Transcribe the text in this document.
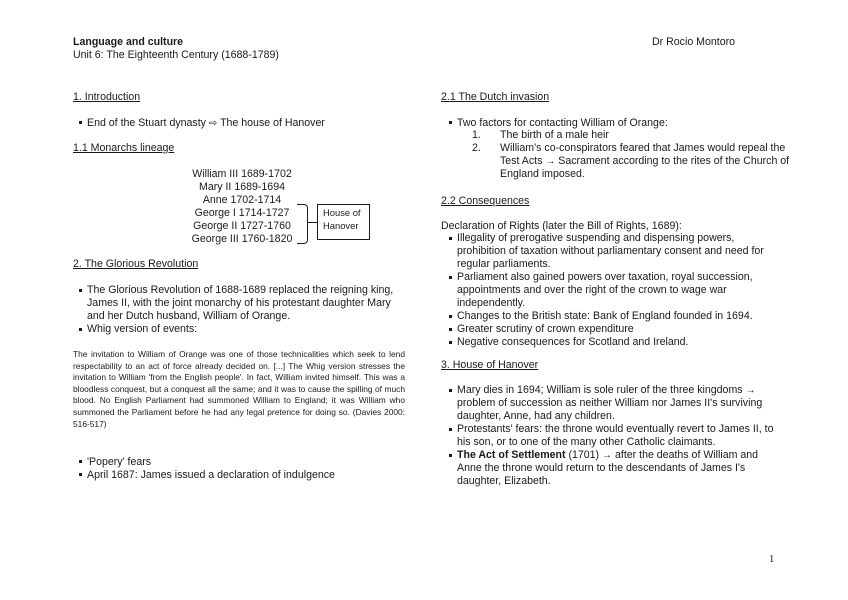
Language and culture
Unit 6: The Eighteenth Century (1688-1789)
Dr Rocio Montoro
1. Introduction
End of the Stuart dynasty ⇨ The house of Hanover
1.1 Monarchs lineage
William III 1689-1702
Mary II 1689-1694
Anne 1702-1714
George I 1714-1727
George II 1727-1760
George III 1760-1820
House of Hanover
2. The Glorious Revolution
The Glorious Revolution of 1688-1689 replaced the reigning king, James II, with the joint monarchy of his protestant daughter Mary and her Dutch husband, William of Orange.
Whig version of events:
The invitation to William of Orange was one of those technicalities which seek to lend respectability to an act of force already decided on. [...] The Whig version stresses the invitation to William 'from the English people'. In fact, William invited himself. This was a bloodless conquest, but a conquest all the same; and it was to cause the spilling of much blood. No English Parliament had summoned William to England; it was William who summoned the Parliament before he had any legal pretence for doing so. (Davies 2000: 516-517)
'Popery' fears
April 1687: James issued a declaration of indulgence
2.1 The Dutch invasion
Two factors for contacting William of Orange:
1.	The birth of a male heir
2.	William's co-conspirators feared that James would repeal the Test Acts → Sacrament according to the rites of the Church of England imposed.
2.2 Consequences
Declaration of Rights (later the Bill of Rights, 1689):
Illegality of prerogative suspending and dispensing powers, prohibition of taxation without parliamentary consent and need for regular parliaments.
Parliament also gained powers over taxation, royal succession, appointments and over the right of the crown to wage war independently.
Changes to the British state: Bank of England founded in 1694.
Greater scrutiny of crown expenditure
Negative consequences for Scotland and Ireland.
3. House of Hanover
Mary dies in 1694; William is sole ruler of the three kingdoms → problem of succession as neither William nor James II's surviving daughter, Anne, had any children.
Protestants' fears: the throne would eventually revert to James II, to his son, or to one of the many other Catholic claimants.
The Act of Settlement (1701) → after the deaths of William and Anne the throne would return to the descendants of James I's daughter, Elizabeth.
1
